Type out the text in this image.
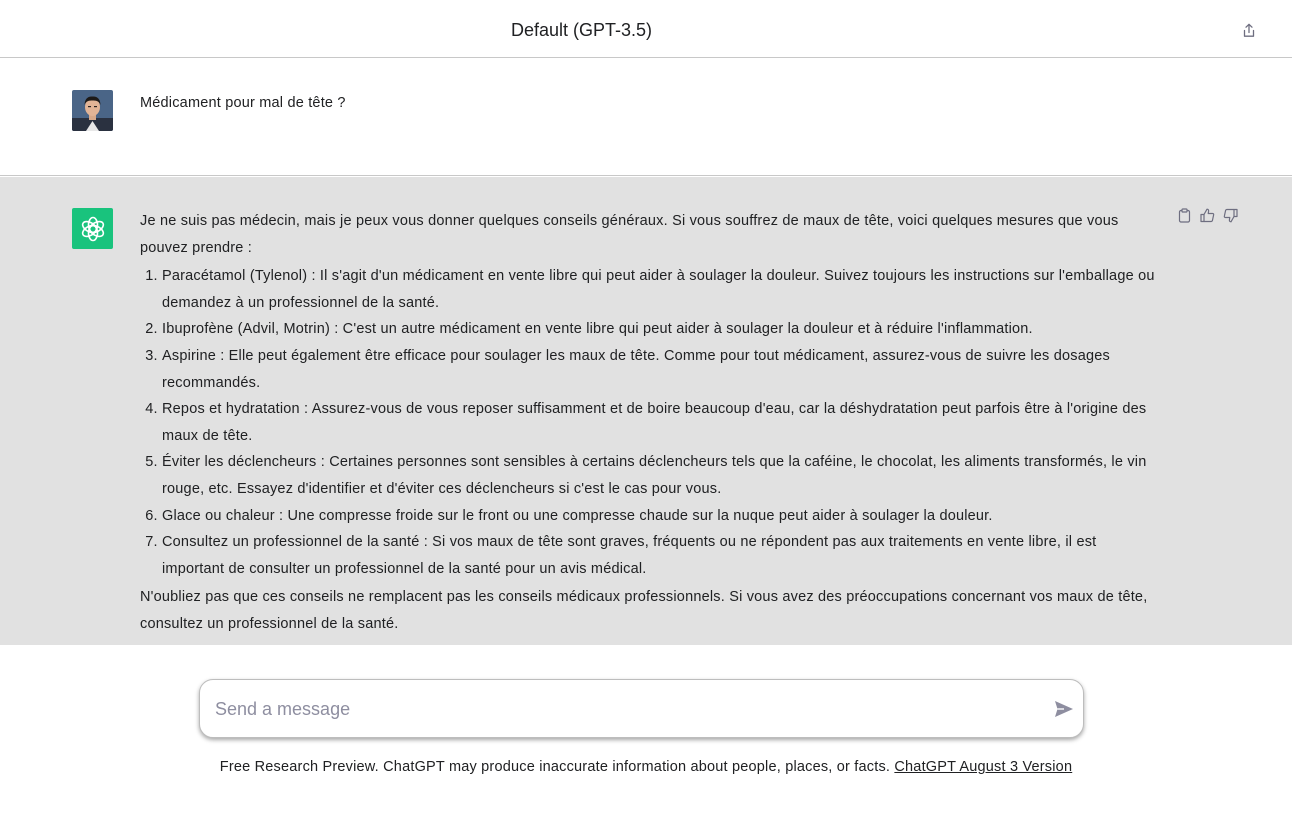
Default (GPT-3.5)
Médicament pour mal de tête ?

Je ne suis pas médecin, mais je peux vous donner quelques conseils généraux. Si vous souffrez de maux de tête, voici quelques mesures que vous pouvez prendre :

1. Paracétamol (Tylenol) : Il s'agit d'un médicament en vente libre qui peut aider à soulager la douleur. Suivez toujours les instructions sur l'emballage ou demandez à un professionnel de la santé.
2. Ibuprofène (Advil, Motrin) : C'est un autre médicament en vente libre qui peut aider à soulager la douleur et à réduire l'inflammation.
3. Aspirine : Elle peut également être efficace pour soulager les maux de tête. Comme pour tout médicament, assurez-vous de suivre les dosages recommandés.
4. Repos et hydratation : Assurez-vous de vous reposer suffisamment et de boire beaucoup d'eau, car la déshydratation peut parfois être à l'origine des maux de tête.
5. Éviter les déclencheurs : Certaines personnes sont sensibles à certains déclencheurs tels que la caféine, le chocolat, les aliments transformés, le vin rouge, etc. Essayez d'identifier et d'éviter ces déclencheurs si c'est le cas pour vous.
6. Glace ou chaleur : Une compresse froide sur le front ou une compresse chaude sur la nuque peut aider à soulager la douleur.
7. Consultez un professionnel de la santé : Si vos maux de tête sont graves, fréquents ou ne répondent pas aux traitements en vente libre, il est important de consulter un professionnel de la santé pour un avis médical.

N'oubliez pas que ces conseils ne remplacent pas les conseils médicaux professionnels. Si vous avez des préoccupations concernant vos maux de tête, consultez un professionnel de la santé.

Send a message
Free Research Preview. ChatGPT may produce inaccurate information about people, places, or facts. ChatGPT August 3 Version
